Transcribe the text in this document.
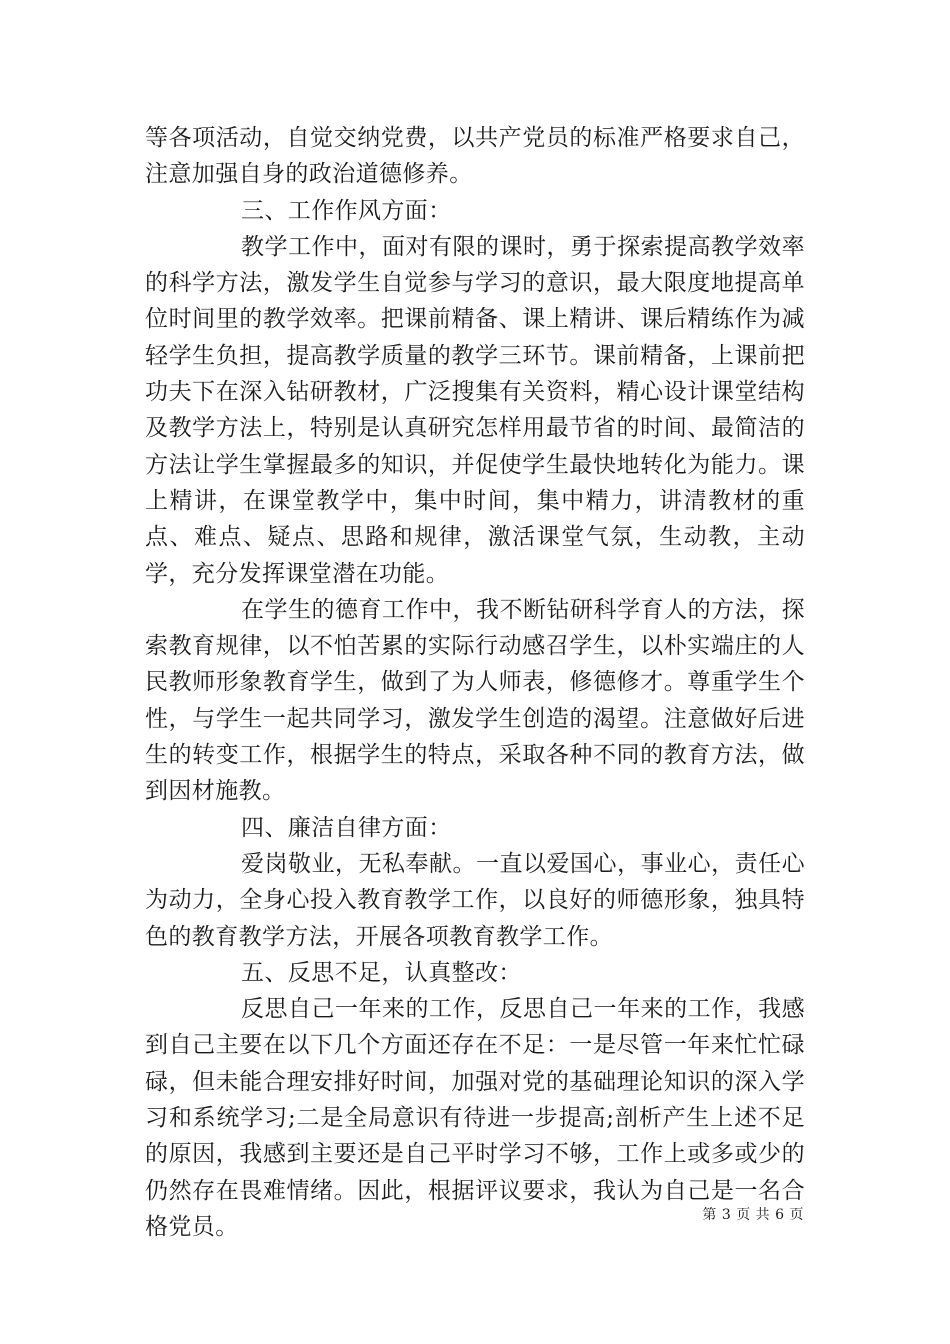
等各项活动，自觉交纳党费，以共产党员的标准严格要求自己，注意加强自身的政治道德修养。

三、工作作风方面：

教学工作中，面对有限的课时，勇于探索提高教学效率的科学方法，激发学生自觉参与学习的意识，最大限度地提高单位时间里的教学效率。把课前精备、课上精讲、课后精练作为减轻学生负担，提高教学质量的教学三环节。课前精备，上课前把功夫下在深入钻研教材，广泛搜集有关资料，精心设计课堂结构及教学方法上，特别是认真研究怎样用最节省的时间、最简洁的方法让学生掌握最多的知识，并促使学生最快地转化为能力。课上精讲，在课堂教学中，集中时间，集中精力，讲清教材的重点、难点、疑点、思路和规律，激活课堂气氛，生动教，主动学，充分发挥课堂潜在功能。

在学生的德育工作中，我不断钻研科学育人的方法，探索教育规律，以不怕苦累的实际行动感召学生，以朴实端庄的人民教师形象教育学生，做到了为人师表，修德修才。尊重学生个性，与学生一起共同学习，激发学生创造的渴望。注意做好后进生的转变工作，根据学生的特点，采取各种不同的教育方法，做到因材施教。

四、廉洁自律方面：

爱岗敬业，无私奉献。一直以爱国心，事业心，责任心为动力，全身心投入教育教学工作，以良好的师德形象，独具特色的教育教学方法，开展各项教育教学工作。

五、反思不足，认真整改：

反思自己一年来的工作，反思自己一年来的工作，我感到自己主要在以下几个方面还存在不足：一是尽管一年来忙忙碌碌，但未能合理安排好时间，加强对党的基础理论知识的深入学习和系统学习;二是全局意识有待进一步提高;剖析产生上述不足的原因，我感到主要还是自己平时学习不够，工作上或多或少的仍然存在畏难情绪。因此，根据评议要求，我认为自己是一名合格党员。	第 3 页 共 6 页
